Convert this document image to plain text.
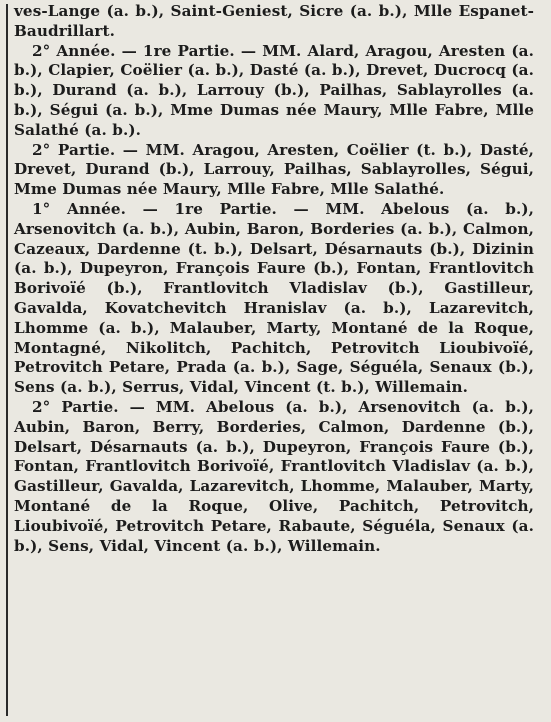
ves-Lange (a. b.), Saint-Geniest, Sicre (a. b.), Mlle Espanet-Baudrillart.

2° Année. — 1re Partie. — MM. Alard, Aragou, Aresten (a. b.), Clapier, Coëlier (a. b.), Dasté (a. b.), Drevet, Ducrocq (a. b.), Durand (a. b.), Larrouy (b.), Pailhas, Sablayrolles (a. b.), Ségui (a. b.), Mme Dumas née Maury, Mlle Fabre, Mlle Salathé (a. b.).

2° Partie. — MM. Aragou, Aresten, Coëlier (t. b.), Dasté, Drevet, Durand (b.), Larrouy, Pailhas, Sablayrolles, Ségui, Mme Dumas née Maury, Mlle Fabre, Mlle Salathé.

1° Année. — 1re Partie. — MM. Abelous (a. b.), Arsenovitch (a. b.), Aubin, Baron, Borderies (a. b.), Calmon, Cazeaux, Dardenne (t. b.), Delsart, Désarnauts (b.), Dizinin (a. b.), Dupeyron, François Faure (b.), Fontan, Frantlovitch Borivoïé (b.), Frantlovitch Vladislav (b.), Gastilleur, Gavalda, Kovatchevitch Hranislav (a. b.), Lazarevitch, Lhomme (a. b.), Malauber, Marty, Montané de la Roque, Montagné, Nikolitch, Pachitch, Petrovitch Lioubivoïé, Petrovitch Petare, Prada (a. b.), Sage, Séguéla, Senaux (b.), Sens (a. b.), Serrus, Vidal, Vincent (t. b.), Willemain.

2° Partie. — MM. Abelous (a. b.), Arsenovitch (a. b.), Aubin, Baron, Berry, Borderies, Calmon, Dardenne (b.), Delsart, Désarnauts (a. b.), Dupeyron, François Faure (b.), Fontan, Frantlovitch Borivoïé, Frantlovitch Vladislav (a. b.), Gastilleur, Gavalda, Lazarevitch, Lhomme, Malauber, Marty, Montané de la Roque, Olive, Pachitch, Petrovitch, Lioubivoïé, Petrovitch Petare, Rabaute, Séguéla, Senaux (a. b.), Sens, Vidal, Vincent (a. b.), Willemain.
